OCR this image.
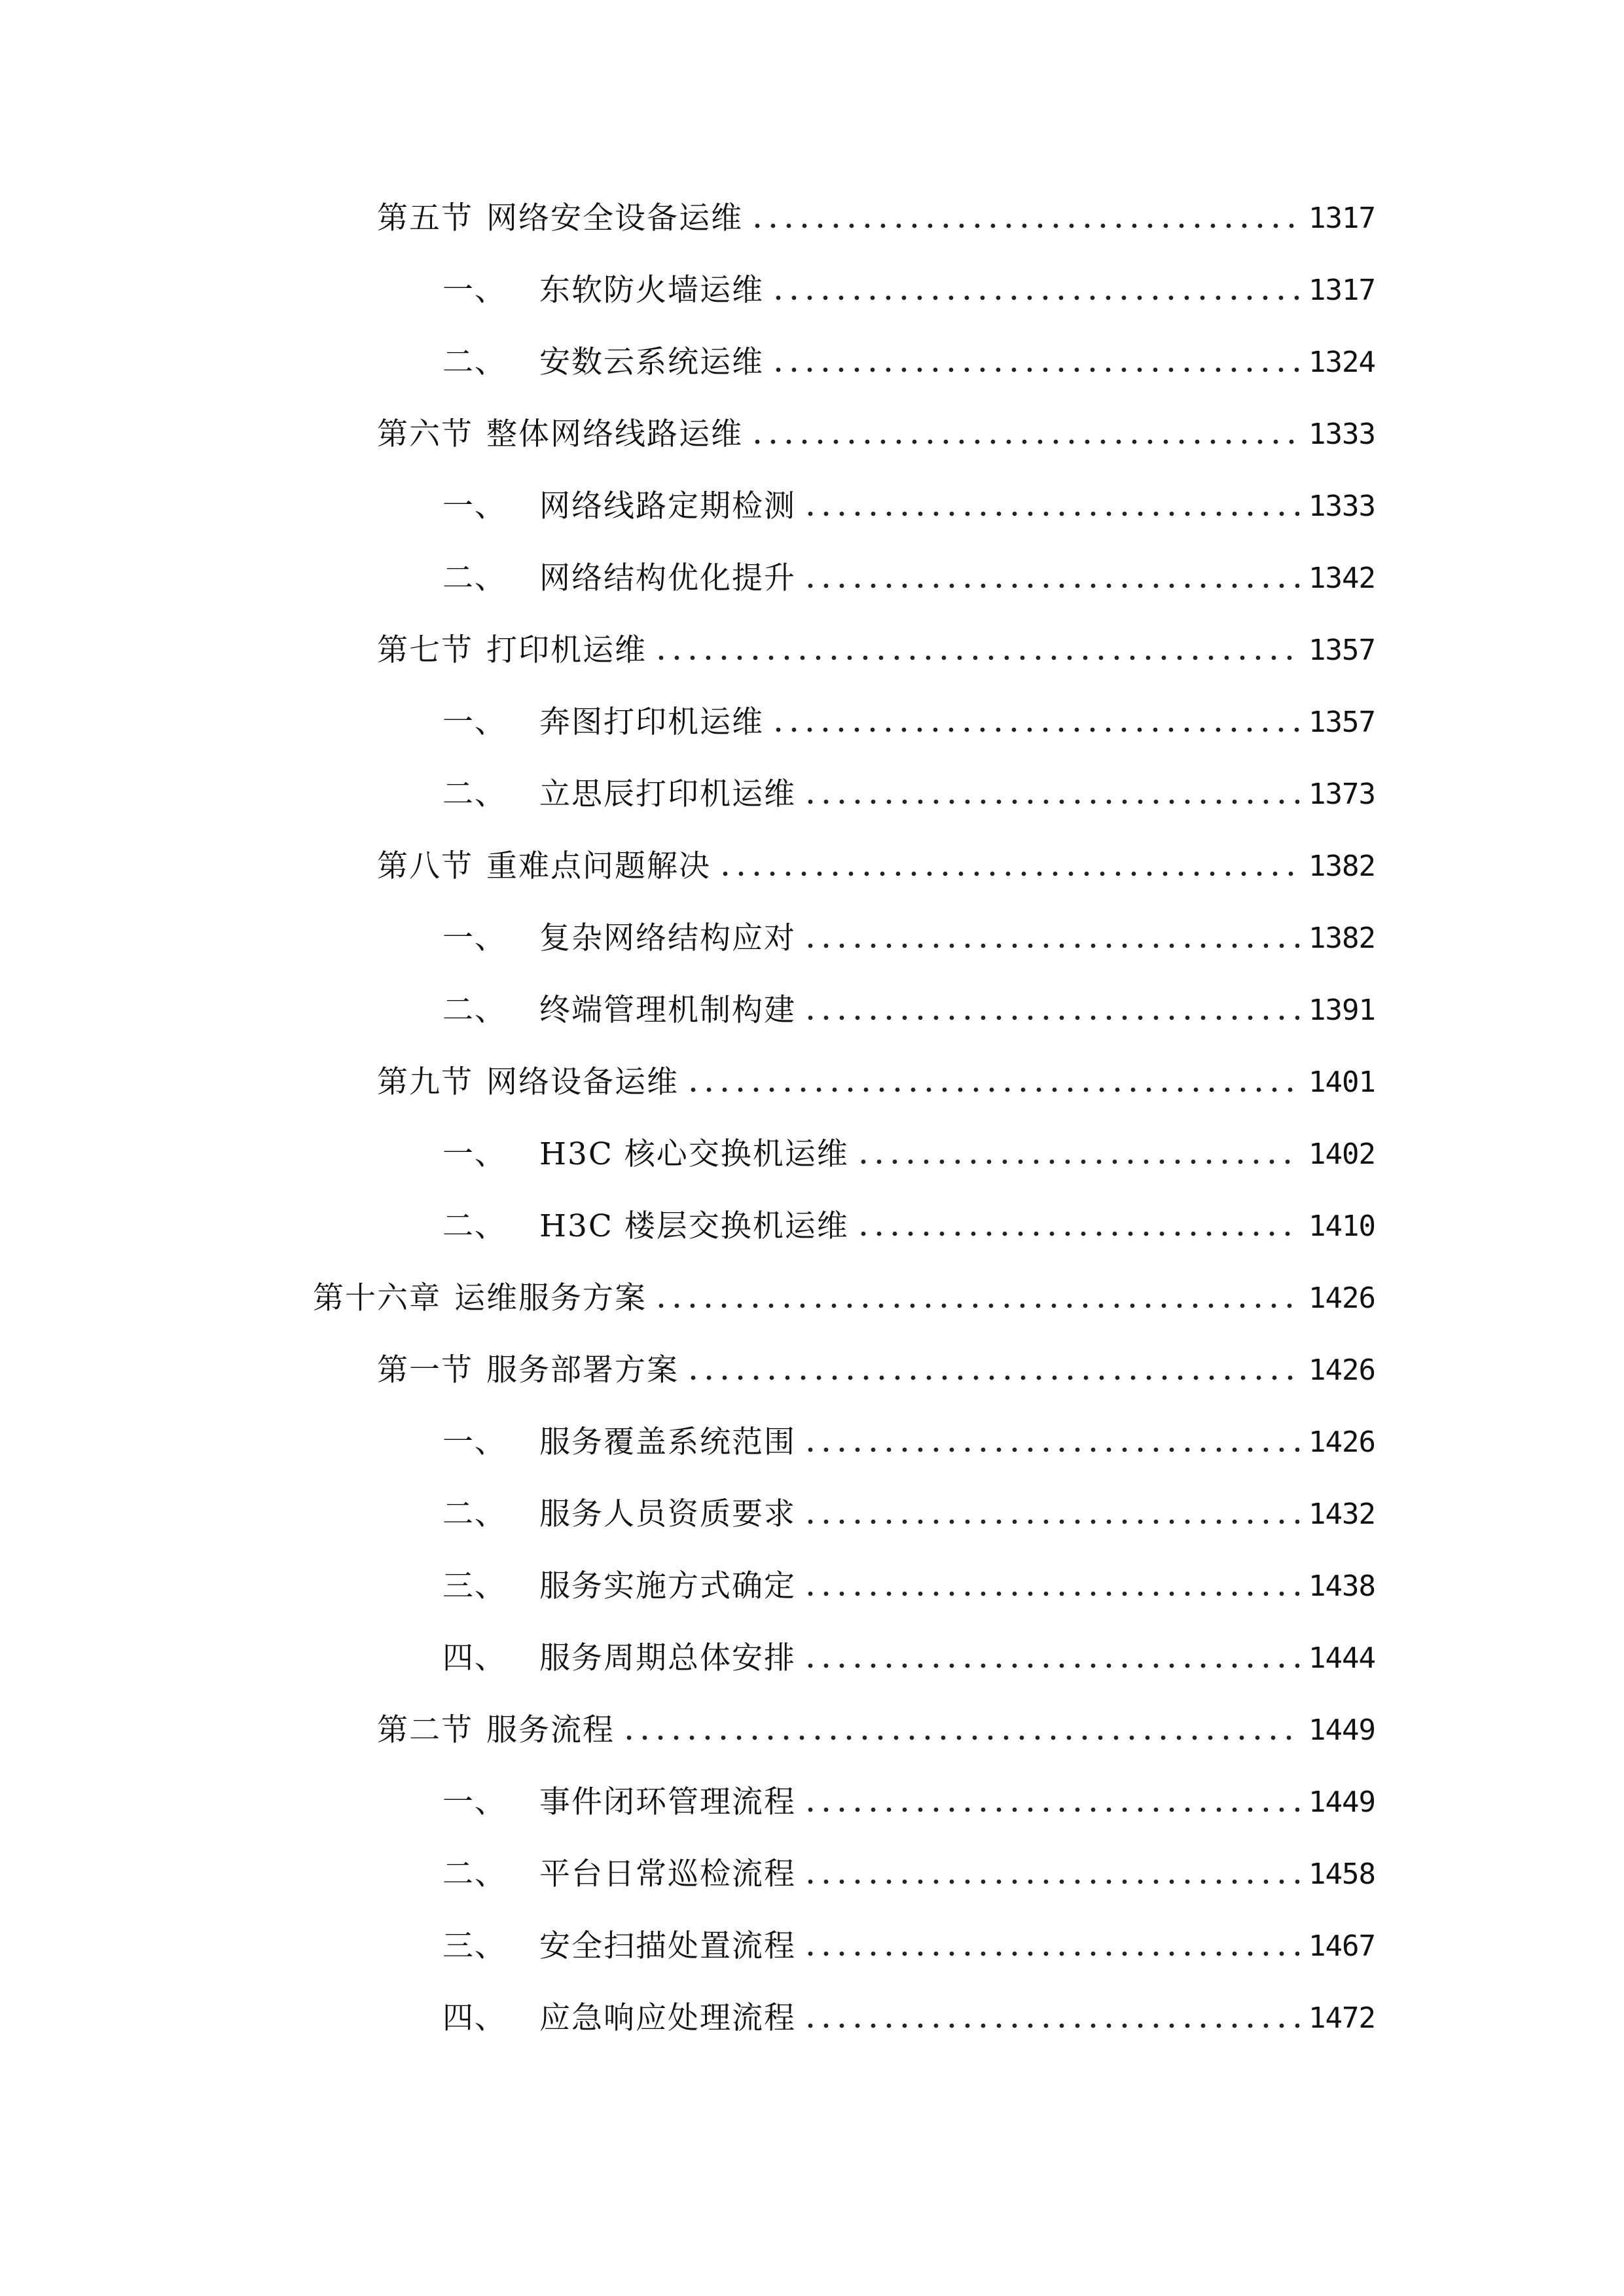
第五节 网络安全设备运维	1317
一、 东软防火墙运维	1317
二、 安数云系统运维	1324
第六节 整体网络线路运维	1333
一、 网络线路定期检测	1333
二、 网络结构优化提升	1342
第七节 打印机运维	1357
一、 奔图打印机运维	1357
二、 立思辰打印机运维	1373
第八节 重难点问题解决	1382
一、 复杂网络结构应对	1382
二、 终端管理机制构建	1391
第九节 网络设备运维	1401
一、 H3C 核心交换机运维	1402
二、 H3C 楼层交换机运维	1410
第十六章 运维服务方案	1426
第一节 服务部署方案	1426
一、 服务覆盖系统范围	1426
二、 服务人员资质要求	1432
三、 服务实施方式确定	1438
四、 服务周期总体安排	1444
第二节 服务流程	1449
一、 事件闭环管理流程	1449
二、 平台日常巡检流程	1458
三、 安全扫描处置流程	1467
四、 应急响应处理流程	1472
